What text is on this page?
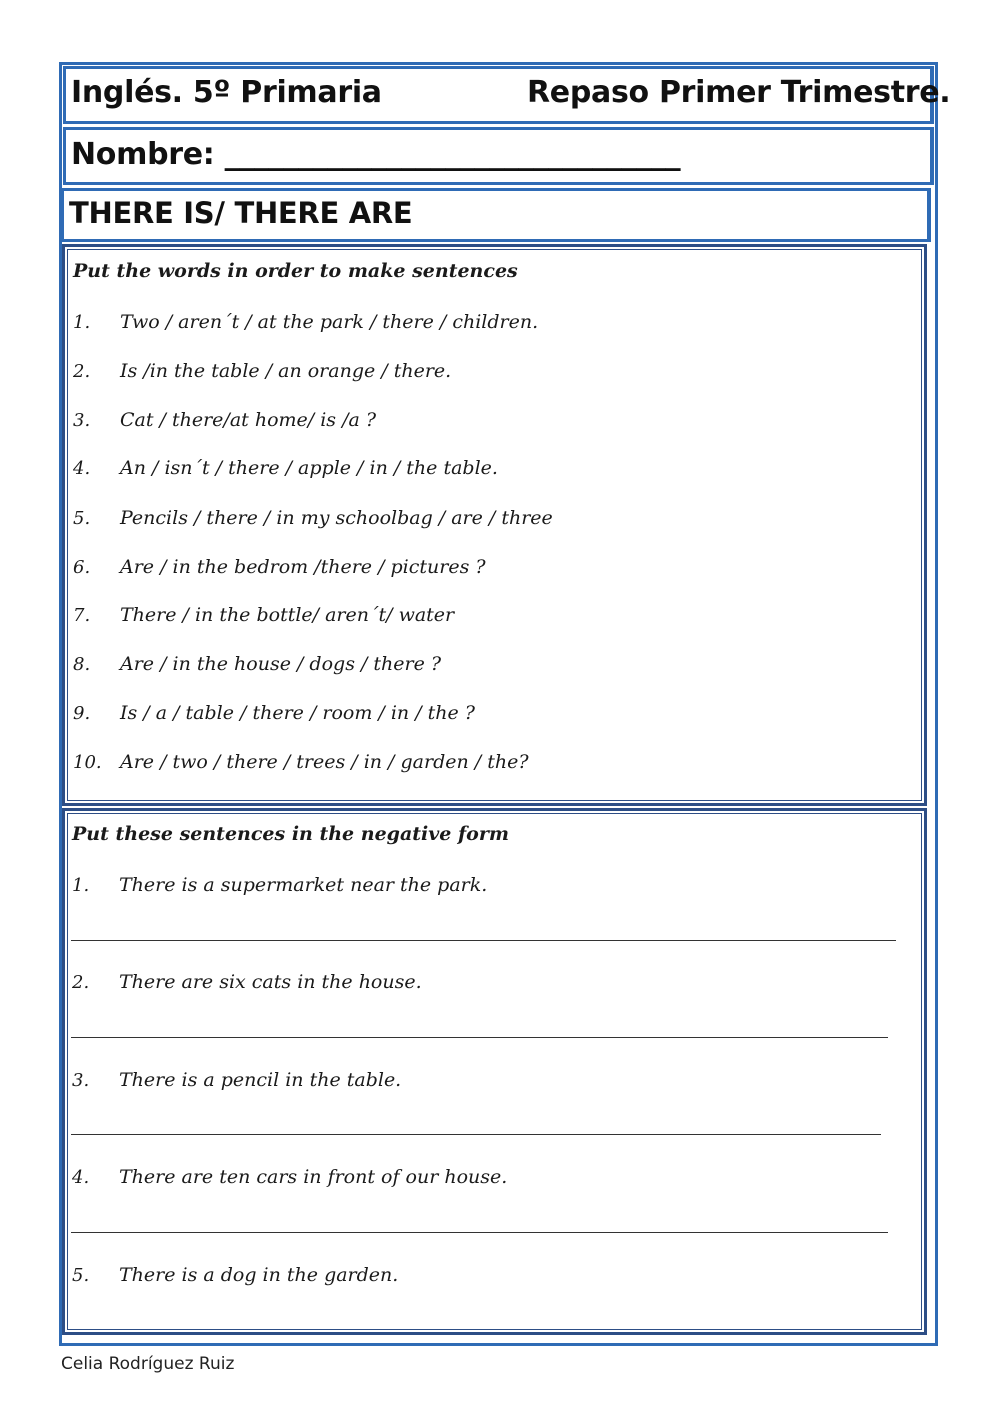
Inglés. 5º Primaria	Repaso Primer Trimestre.
Nombre: _______________________________
THERE IS/ THERE ARE
Put the words in order to make sentences
1. Two / aren´t / at the park / there / children.
2. Is /in the table / an orange / there.
3. Cat / there/at home/ is /a ?
4. An / isn´t / there / apple / in / the table.
5. Pencils / there / in my schoolbag / are / three
6. Are / in the bedrom /there / pictures ?
7. There / in the bottle/ aren´t/ water
8. Are / in the house / dogs / there ?
9. Is / a / table / there / room / in / the ?
10. Are / two / there / trees / in / garden / the?
Put these sentences in the negative form
1. There is a supermarket near the park.
2. There are six cats in the house.
3. There is a pencil in the table.
4. There are ten cars in front of our house.
5. There is a dog in the garden.
Celia Rodríguez Ruiz
